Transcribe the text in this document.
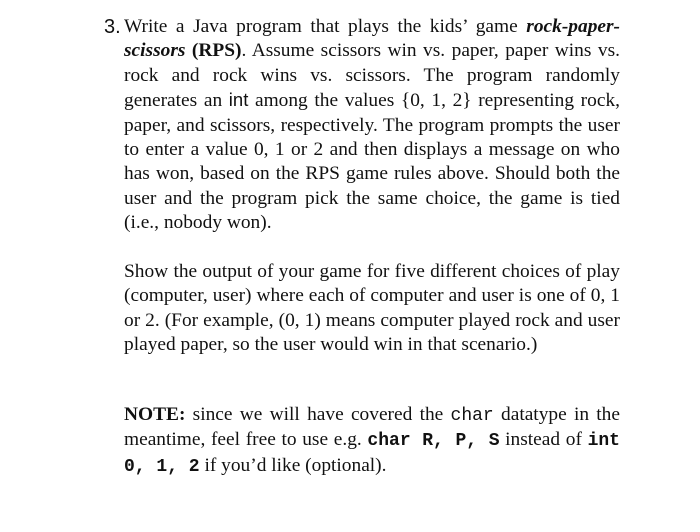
3. Write a Java program that plays the kids’ game rock-paper-scissors (RPS). Assume scissors win vs. paper, paper wins vs. rock and rock wins vs. scissors. The program randomly generates an int among the values {0, 1, 2} representing rock, paper, and scissors, respectively. The program prompts the user to enter a value 0, 1 or 2 and then displays a message on who has won, based on the RPS game rules above. Should both the user and the program pick the same choice, the game is tied (i.e., nobody won).

Show the output of your game for five different choices of play (computer, user) where each of computer and user is one of 0, 1 or 2. (For example, (0, 1) means computer played rock and user played paper, so the user would win in that scenario.)

NOTE: since we will have covered the char datatype in the meantime, feel free to use e.g. char R, P, S instead of int 0, 1, 2 if you’d like (optional).
